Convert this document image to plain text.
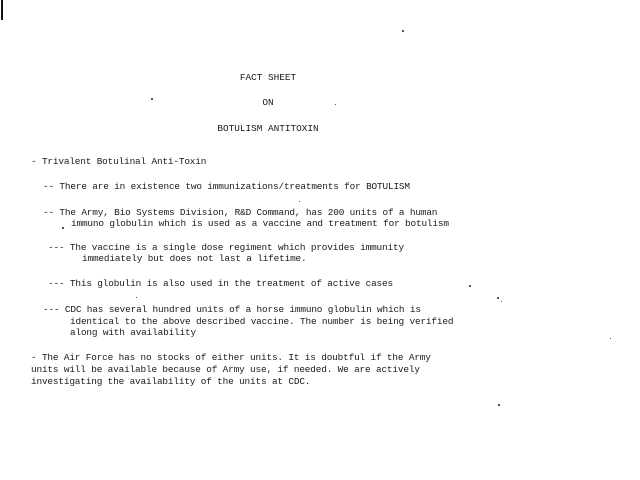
FACT SHEET
ON
BOTULISM ANTITOXIN
- Trivalent Botulinal Anti-Toxin
-- There are in existence two immunizations/treatments for BOTULISM
-- The Army, Bio Systems Division, R&D Command, has 200 units of a human
immuno globulin which is used as a vaccine and treatment for botulism
--- The vaccine is a single dose regiment which provides immunity
immediately but does not last a lifetime.
--- This globulin is also used in the treatment of active cases
--- CDC has several hundred units of a horse immuno globulin which is
identical to the above described vaccine. The number is being verified
along with availability
- The Air Force has no stocks of either units. It is doubtful if the Army
units will be available because of Army use, if needed. We are actively
investigating the availability of the units at CDC.
